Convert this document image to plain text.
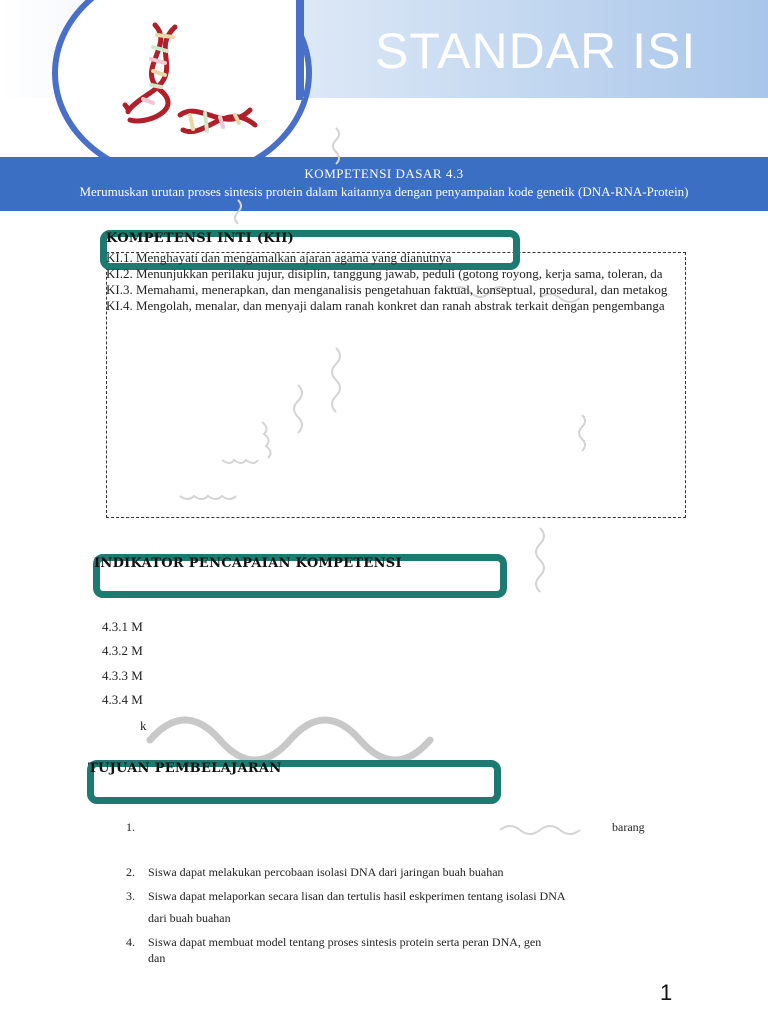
STANDAR ISI
KOMPETENSI DASAR 4.3
Merumuskan urutan proses sintesis protein dalam kaitannya dengan penyampaian kode genetik (DNA-RNA-Protein)
KOMPETENSI INTI (KII)
KI.1. Menghayati dan mengamalkan ajaran agama yang dianutnya
KI.2. Menunjukkan perilaku jujur, disiplin, tanggung jawab, peduli (gotong royong, kerja sama, toleran, da
KI.3. Memahami, menerapkan, dan menganalisis pengetahuan faktual, konseptual, prosedural, dan metakog
KI.4. Mengolah, menalar, dan menyaji dalam ranah konkret dan ranah abstrak terkait dengan pengembanga
INDIKATOR PENCAPAIAN KOMPETENSI
4.3.1 M
4.3.2 M
4.3.3 M
4.3.4 M
k
TUJUAN PEMBELAJARAN
1.	barang
2. Siswa dapat melakukan percobaan isolasi DNA dari jaringan buah buahan
3. Siswa dapat melaporkan secara lisan dan tertulis hasil eskperimen tentang isolasi DNA
dari buah buahan
4. Siswa dapat membuat model tentang proses sintesis protein serta peran DNA, gen
dan
1
